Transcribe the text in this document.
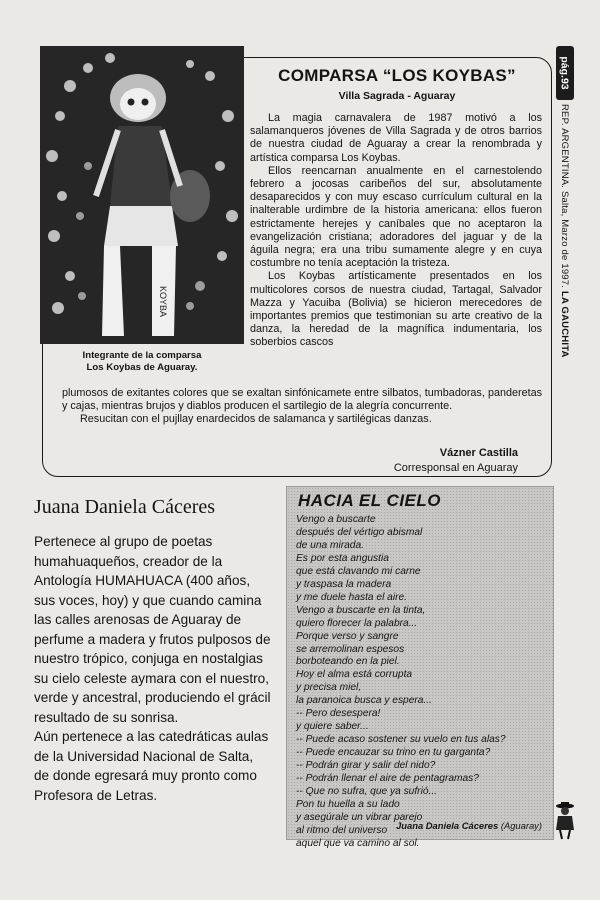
pág.93
REP. ARGENTINA. Salta, Marzo de 1997. LA GAUCHITA
KOYBA
Integrante de la comparsa
Los Koybas de Aguaray.
COMPARSA “LOS KOYBAS”
Villa Sagrada - Aguaray

La magia carnavalera de 1987 motivó a los salamanqueros jóvenes de Villa Sagrada y de otros barrios de nuestra ciudad de Aguaray a crear la renombrada y artística comparsa Los Koybas.

Ellos reencarnan anualmente en el carnestolendo febrero a jocosas caribeños del sur, absolutamente desaparecidos y con muy escaso currículum cultural en la inalterable urdimbre de la historia americana: ellos fueron estrictamente herejes y caníbales que no aceptaron la evangelización cristiana; adoradores del jaguar y de la águila negra; era una tribu sumamente alegre y en cuya costumbre no tenía aceptación la tristeza.

Los Koybas artísticamente presentados en los multicolores corsos de nuestra ciudad, Tartagal, Salvador Mazza y Yacuiba (Bolivia) se hicieron merecedores de importantes premios que testimonian su arte creativo de la danza, la heredad de la magnífica indumentaria, los soberbios cascos

plumosos de exitantes colores que se exaltan sinfónicamete entre silbatos, tumbadoras, panderetas y cajas, mientras brujos y diablos producen el sartilegio de la alegría concurrente.

Resucitan con el pujllay enardecidos de salamanca y sartilégicas danzas.

Vázner Castilla
Corresponsal en Aguaray
Juana Daniela Cáceres

Pertenece al grupo de poetas humahuaqueños, creador de la Antología HUMAHUACA (400 años, sus voces, hoy) y que cuando camina las calles arenosas de Aguaray de perfume a madera y frutos pulposos de nuestro trópico, conjuga en nostalgias su cielo celeste aymara con el nuestro, verde y ancestral, produciendo el grácil resultado de su sonrisa.

Aún pertenece a las catedráticas aulas de la Universidad Nacional de Salta, de donde egresará muy pronto como Profesora de Letras.

HACIA EL CIELO
Vengo a buscarte
después del vértigo abismal
de una mirada.
Es por esta angustia
que está clavando mi carne
y traspasa la madera
y me duele hasta el aire.
Vengo a buscarte en la tinta,
quiero florecer la palabra...
Porque verso y sangre
se arremolinan espesos
borboteando en la piel.
Hoy el alma está corrupta
y precisa miel,
la paranoica busca y espera...
-- Pero desespera!
y quiere saber...
-- Puede acaso sostener su vuelo en tus alas?
-- Puede encauzar su trino en tu garganta?
-- Podrán girar y salir del nido?
-- Podrán llenar el aire de pentagramas?
-- Que no sufra, que ya sufrió...
Pon tu huella a su lado
y asegúrale un vibrar parejo
al ritmo del universo
aquel que va camino al sol.
Juana Daniela Cáceres (Aguaray)
